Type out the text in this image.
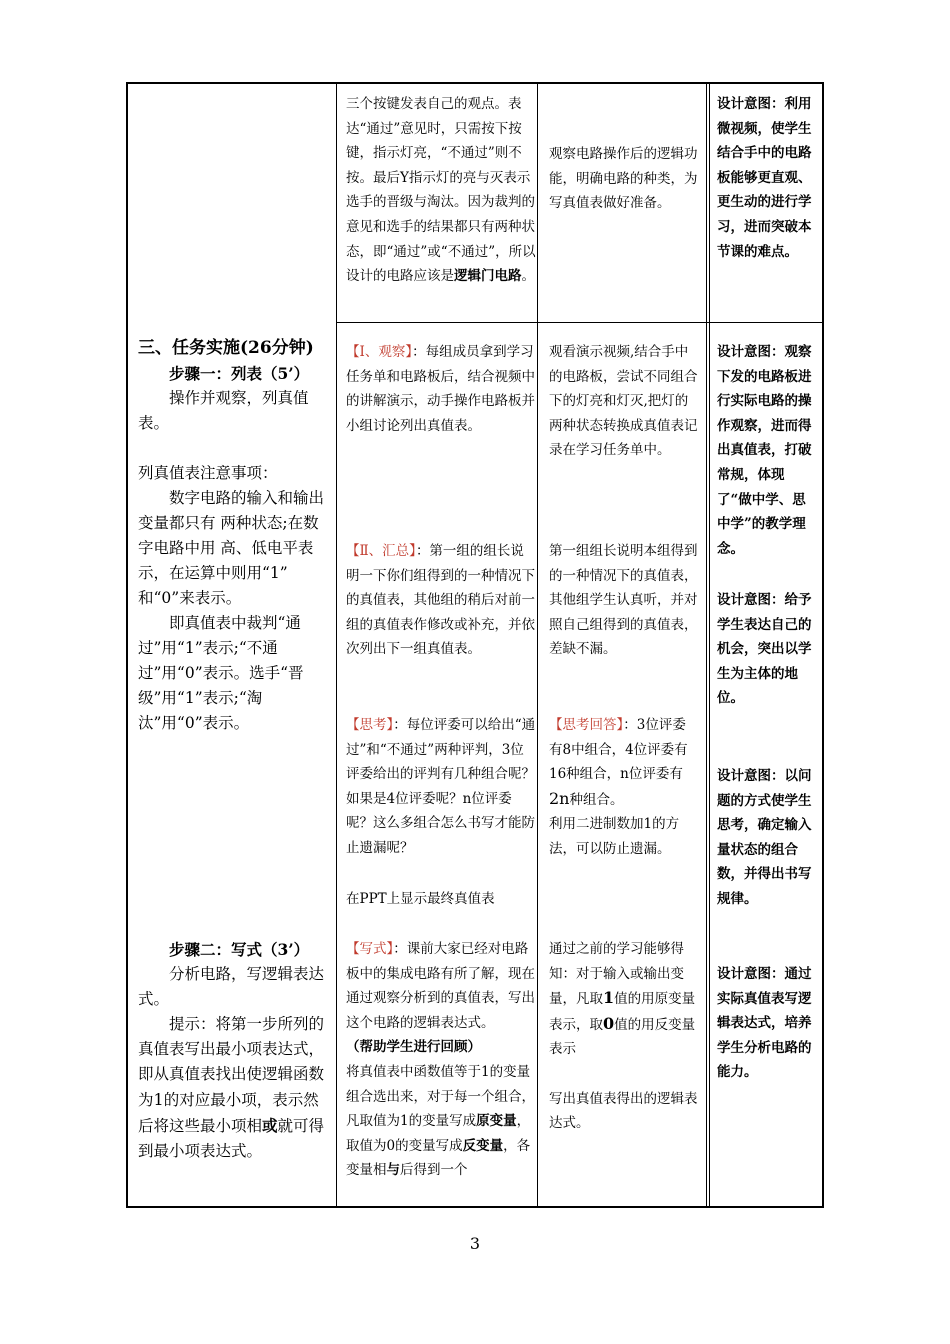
三个按键发表自己的观点。表达“通过”意见时，只需按下按键，指示灯亮，“不通过”则不按。最后Y指示灯的亮与灭表示选手的晋级与淘汰。因为裁判的意见和选手的结果都只有两种状态，即“通过”或“不通过”，所以设计的电路应该是逻辑门电路。
观察电路操作后的逻辑功能，明确电路的种类，为写真值表做好准备。
设计意图：利用微视频，使学生结合手中的电路板能够更直观、更生动的进行学习，进而突破本节课的难点。

三、任务实施(26分钟)

步骤一：列表（5’）

操作并观察，列真值表。

列真值表注意事项：

数字电路的输入和输出变量都只有 两种状态;在数字电路中用 高、低电平表示，在运算中则用“1” 和“0”来表示。

即真值表中裁判“通过”用“1”表示;“不通过”用“0”表示。选手“晋级”用“1”表示;“淘汰”用“0”表示。

步骤二：写式（3’）

分析电路，写逻辑表达式。

提示：将第一步所列的真值表写出最小项表达式，即从真值表找出使逻辑函数为1的对应最小项，表示然后将这些最小项相或就可得到最小项表达式。

【Ⅰ、观察】：每组成员拿到学习任务单和电路板后，结合视频中的讲解演示，动手操作电路板并小组讨论列出真值表。
【Ⅱ、汇总】：第一组的组长说明一下你们组得到的一种情况下的真值表，其他组的稍后对前一组的真值表作修改或补充，并依次列出下一组真值表。
【思考】：每位评委可以给出“通过”和“不通过”两种评判，3位评委给出的评判有几种组合呢？如果是4位评委呢？n位评委呢？这么多组合怎么书写才能防止遗漏呢？
在PPT上显示最终真值表

【写式】：课前大家已经对电路板中的集成电路有所了解，现在通过观察分析到的真值表，写出这个电路的逻辑表达式。

（帮助学生进行回顾）

将真值表中函数值等于1的变量组合选出来，对于每一个组合，凡取值为1的变量写成原变量，取值为0的变量写成反变量，各变量相与后得到一个

观看演示视频,结合手中的电路板，尝试不同组合下的灯亮和灯灭,把灯的两种状态转换成真值表记录在学习任务单中。
第一组组长说明本组得到的一种情况下的真值表，其他组学生认真听，并对照自己组得到的真值表，差缺不漏。

【思考回答】：3位评委有8中组合，4位评委有16种组合，n位评委有2n种组合。

利用二进制数加1的方法，可以防止遗漏。

通过之前的学习能够得知：对于输入或输出变量，凡取1值的用原变量表示，取0值的用反变量表示

写出真值表得出的逻辑表达式。

设计意图：观察下发的电路板进行实际电路的操作观察，进而得出真值表，打破常规，体现了“做中学、思中学”的教学理念。
设计意图：给予学生表达自己的机会，突出以学生为主体的地位。
设计意图：以问题的方式使学生思考，确定输入量状态的组合数，并得出书写规律。
设计意图：通过实际真值表写逻辑表达式，培养学生分析电路的能力。
3
